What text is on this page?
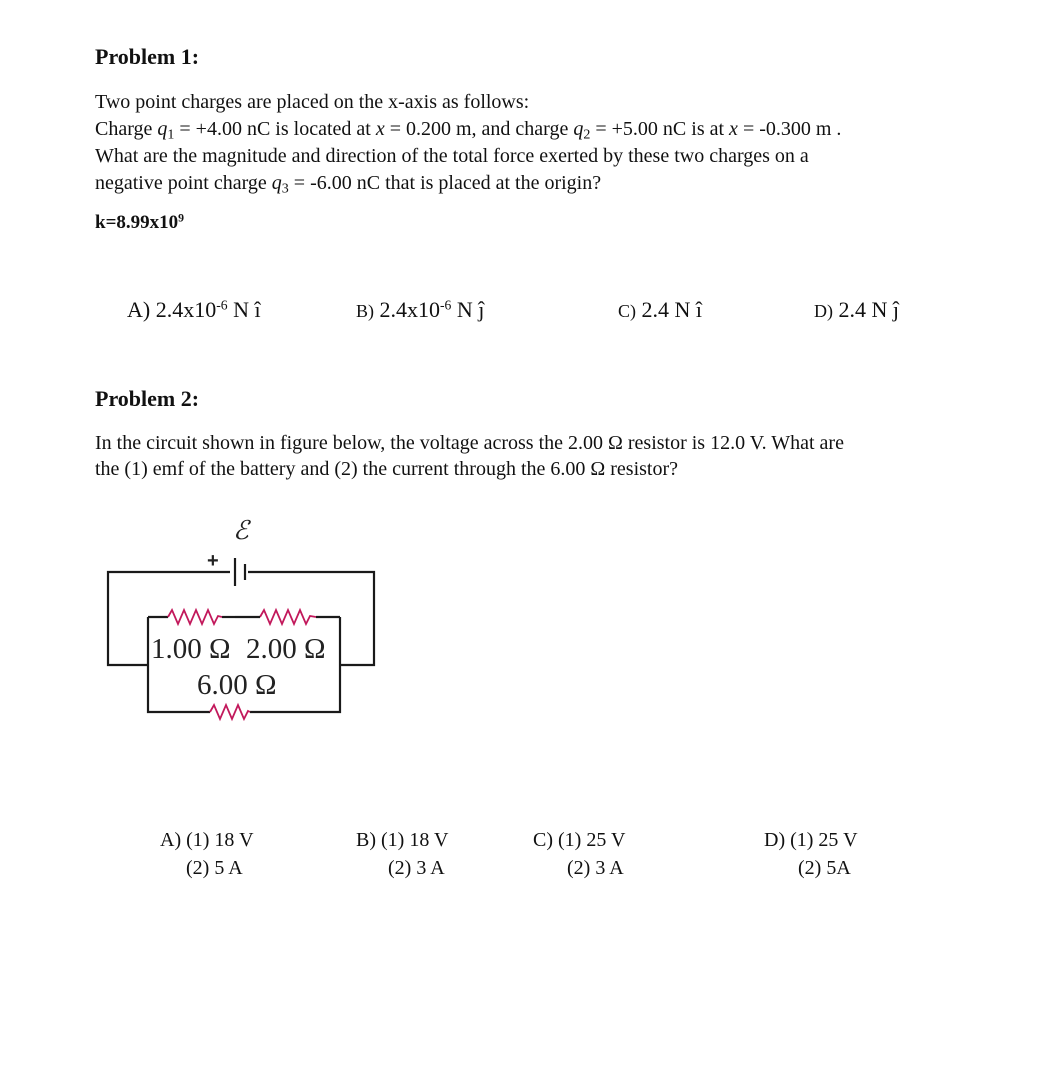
Problem 1:
Two point charges are placed on the x-axis as follows:
Charge $q_1 = +4.00$ nC is located at x = 0.200 m, and charge $q_2 = +5.00$ nC is at x = -0.300 m .
What are the magnitude and direction of the total force exerted by these two charges on a
negative point charge $q_3 = -6.00$ nC that is placed at the origin?
$k=8.99x10^9$
A) $2.4x10^{-6}$ N î	B) $2.4x10^{-6}$ N ĵ	C) 2.4 N î	D) 2.4 N ĵ
Problem 2:
In the circuit shown in figure below, the voltage across the 2.00 Ω resistor is 12.0 V. What are
the (1) emf of the battery and (2) the current through the 6.00 Ω resistor?
ℰ
+
1.00 Ω 2.00 Ω
6.00 Ω
A) (1) 18 V
(2) 5 A
B) (1) 18 V
(2) 3 A
C) (1) 25 V
(2) 3 A
D) (1) 25 V
(2) 5A
